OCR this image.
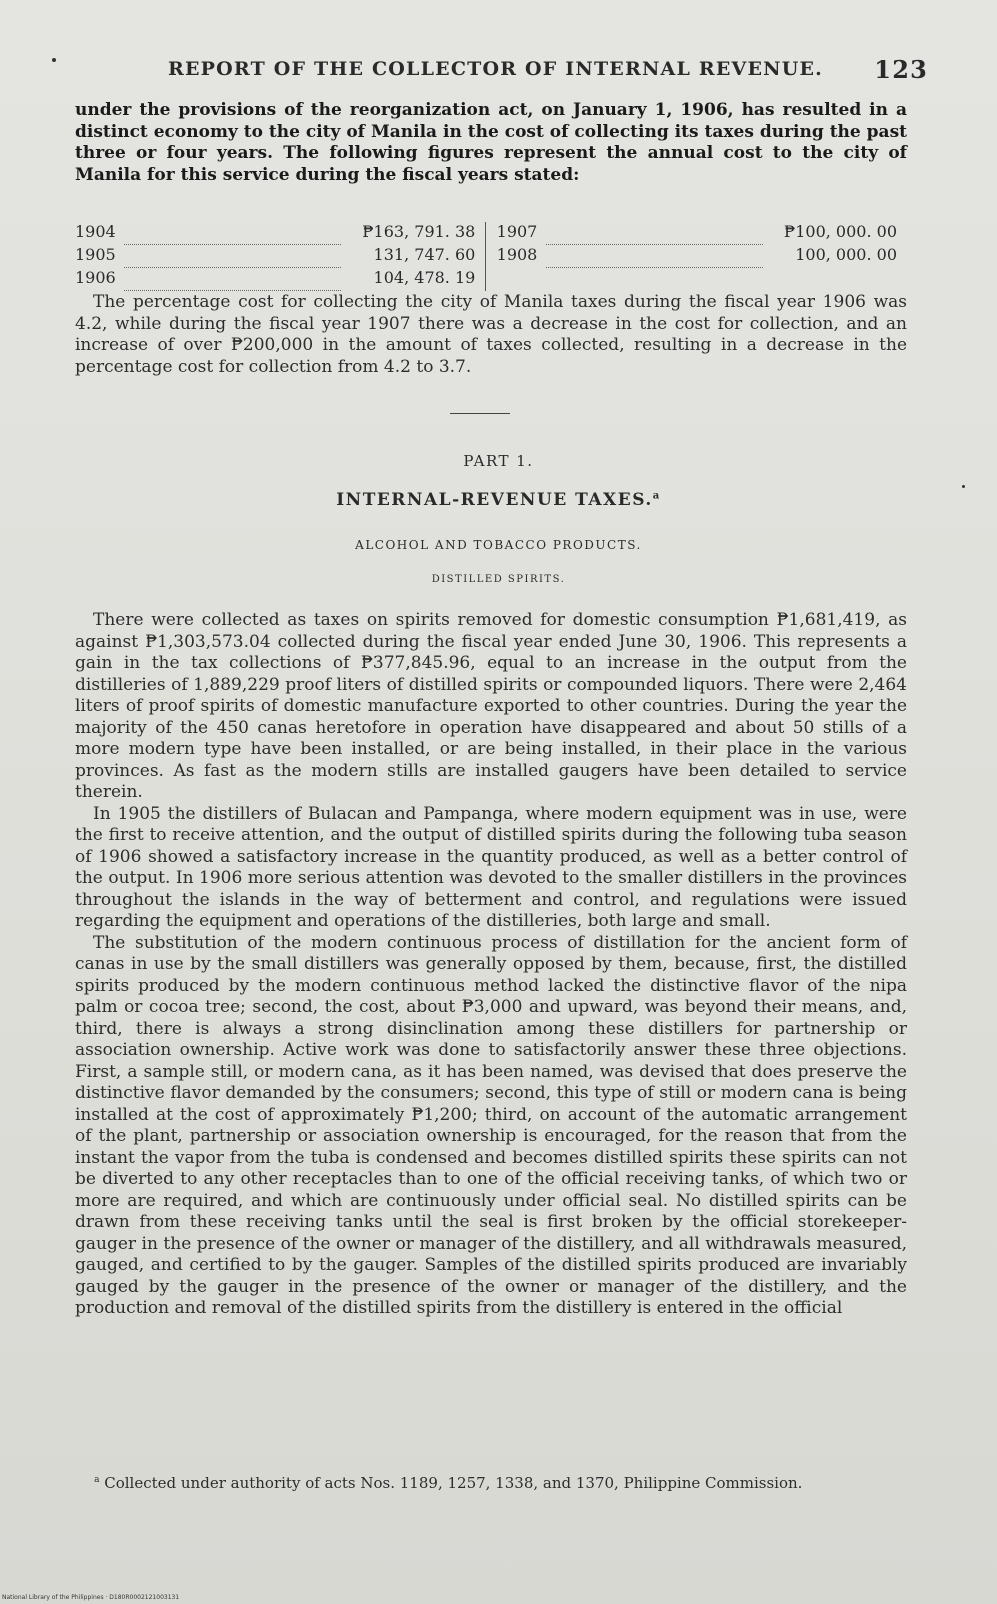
REPORT OF THE COLLECTOR OF INTERNAL REVENUE. 123

under the provisions of the reorganization act, on January 1, 1906, has resulted in a distinct economy to the city of Manila in the cost of collecting its taxes during the past three or four years. The following figures represent the annual cost to the city of Manila for this service during the fiscal years stated:

1904		₱163, 791. 38		1907		₱100, 000. 00
1905		131, 747. 60		1908		100, 000. 00
1906		104, 478. 19				

The percentage cost for collecting the city of Manila taxes during the fiscal year 1906 was 4.2, while during the fiscal year 1907 there was a decrease in the cost for collection, and an increase of over ₱200,000 in the amount of taxes collected, resulting in a decrease in the percentage cost for collection from 4.2 to 3.7.

PART 1.
INTERNAL-REVENUE TAXES.$^a$
ALCOHOL AND TOBACCO PRODUCTS.
DISTILLED SPIRITS.

There were collected as taxes on spirits removed for domestic consumption ₱1,681,419, as against ₱1,303,573.04 collected during the fiscal year ended June 30, 1906. This represents a gain in the tax collections of ₱377,845.96, equal to an increase in the output from the distilleries of 1,889,229 proof liters of distilled spirits or compounded liquors. There were 2,464 liters of proof spirits of domestic manufacture exported to other countries. During the year the majority of the 450 canas heretofore in operation have disappeared and about 50 stills of a more modern type have been installed, or are being installed, in their place in the various provinces. As fast as the modern stills are installed gaugers have been detailed to service therein.

In 1905 the distillers of Bulacan and Pampanga, where modern equipment was in use, were the first to receive attention, and the output of distilled spirits during the following tuba season of 1906 showed a satisfactory increase in the quantity produced, as well as a better control of the output. In 1906 more serious attention was devoted to the smaller distillers in the provinces throughout the islands in the way of betterment and control, and regulations were issued regarding the equipment and operations of the distilleries, both large and small.

The substitution of the modern continuous process of distillation for the ancient form of canas in use by the small distillers was generally opposed by them, because, first, the distilled spirits produced by the modern continuous method lacked the distinctive flavor of the nipa palm or cocoa tree; second, the cost, about ₱3,000 and upward, was beyond their means, and, third, there is always a strong disinclination among these distillers for partnership or association ownership. Active work was done to satisfactorily answer these three objections. First, a sample still, or modern cana, as it has been named, was devised that does preserve the distinctive flavor demanded by the consumers; second, this type of still or modern cana is being installed at the cost of approximately ₱1,200; third, on account of the automatic arrangement of the plant, partnership or association ownership is encouraged, for the reason that from the instant the vapor from the tuba is condensed and becomes distilled spirits these spirits can not be diverted to any other receptacles than to one of the official receiving tanks, of which two or more are required, and which are continuously under official seal. No distilled spirits can be drawn from these receiving tanks until the seal is first broken by the official storekeeper-gauger in the presence of the owner or manager of the distillery, and all withdrawals measured, gauged, and certified to by the gauger. Samples of the distilled spirits produced are invariably gauged by the gauger in the presence of the owner or manager of the distillery, and the production and removal of the distilled spirits from the distillery is entered in the official

$^a$ Collected under authority of acts Nos. 1189, 1257, 1338, and 1370, Philippine Commission.
National Library of the Philippines · D180R0002121003131
